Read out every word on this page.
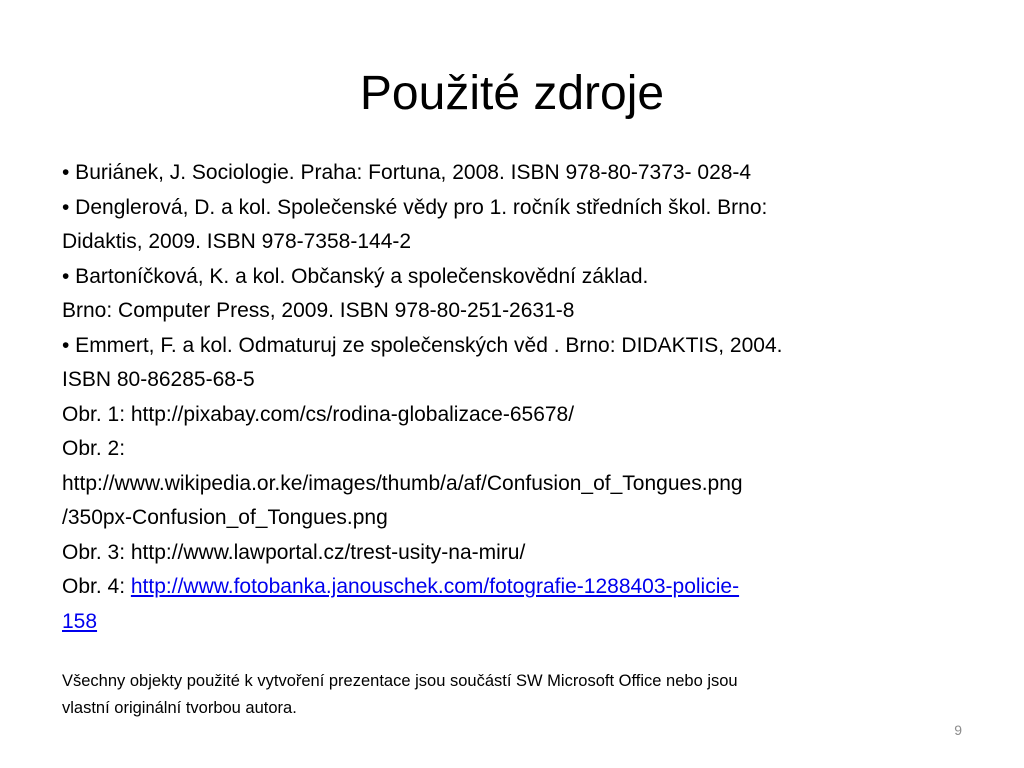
Použité zdroje
• Buriánek, J. Sociologie. Praha: Fortuna, 2008. ISBN 978-80-7373- 028-4
• Denglerová, D. a kol. Společenské vědy pro 1. ročník středních škol. Brno:
Didaktis, 2009. ISBN 978-7358-144-2
• Bartoníčková, K. a kol. Občanský a společenskovědní základ.
Brno: Computer Press, 2009. ISBN 978-80-251-2631-8
• Emmert, F. a kol. Odmaturuj ze společenských věd . Brno: DIDAKTIS, 2004.
ISBN 80-86285-68-5
Obr. 1: http://pixabay.com/cs/rodina-globalizace-65678/
Obr. 2:
http://www.wikipedia.or.ke/images/thumb/a/af/Confusion_of_Tongues.png
/350px-Confusion_of_Tongues.png
Obr. 3: http://www.lawportal.cz/trest-usity-na-miru/
Obr. 4: http://www.fotobanka.janouschek.com/fotografie-1288403-policie-
158
Všechny objekty použité k vytvoření prezentace jsou součástí SW Microsoft Office nebo jsou
vlastní originální tvorbou autora.
9
